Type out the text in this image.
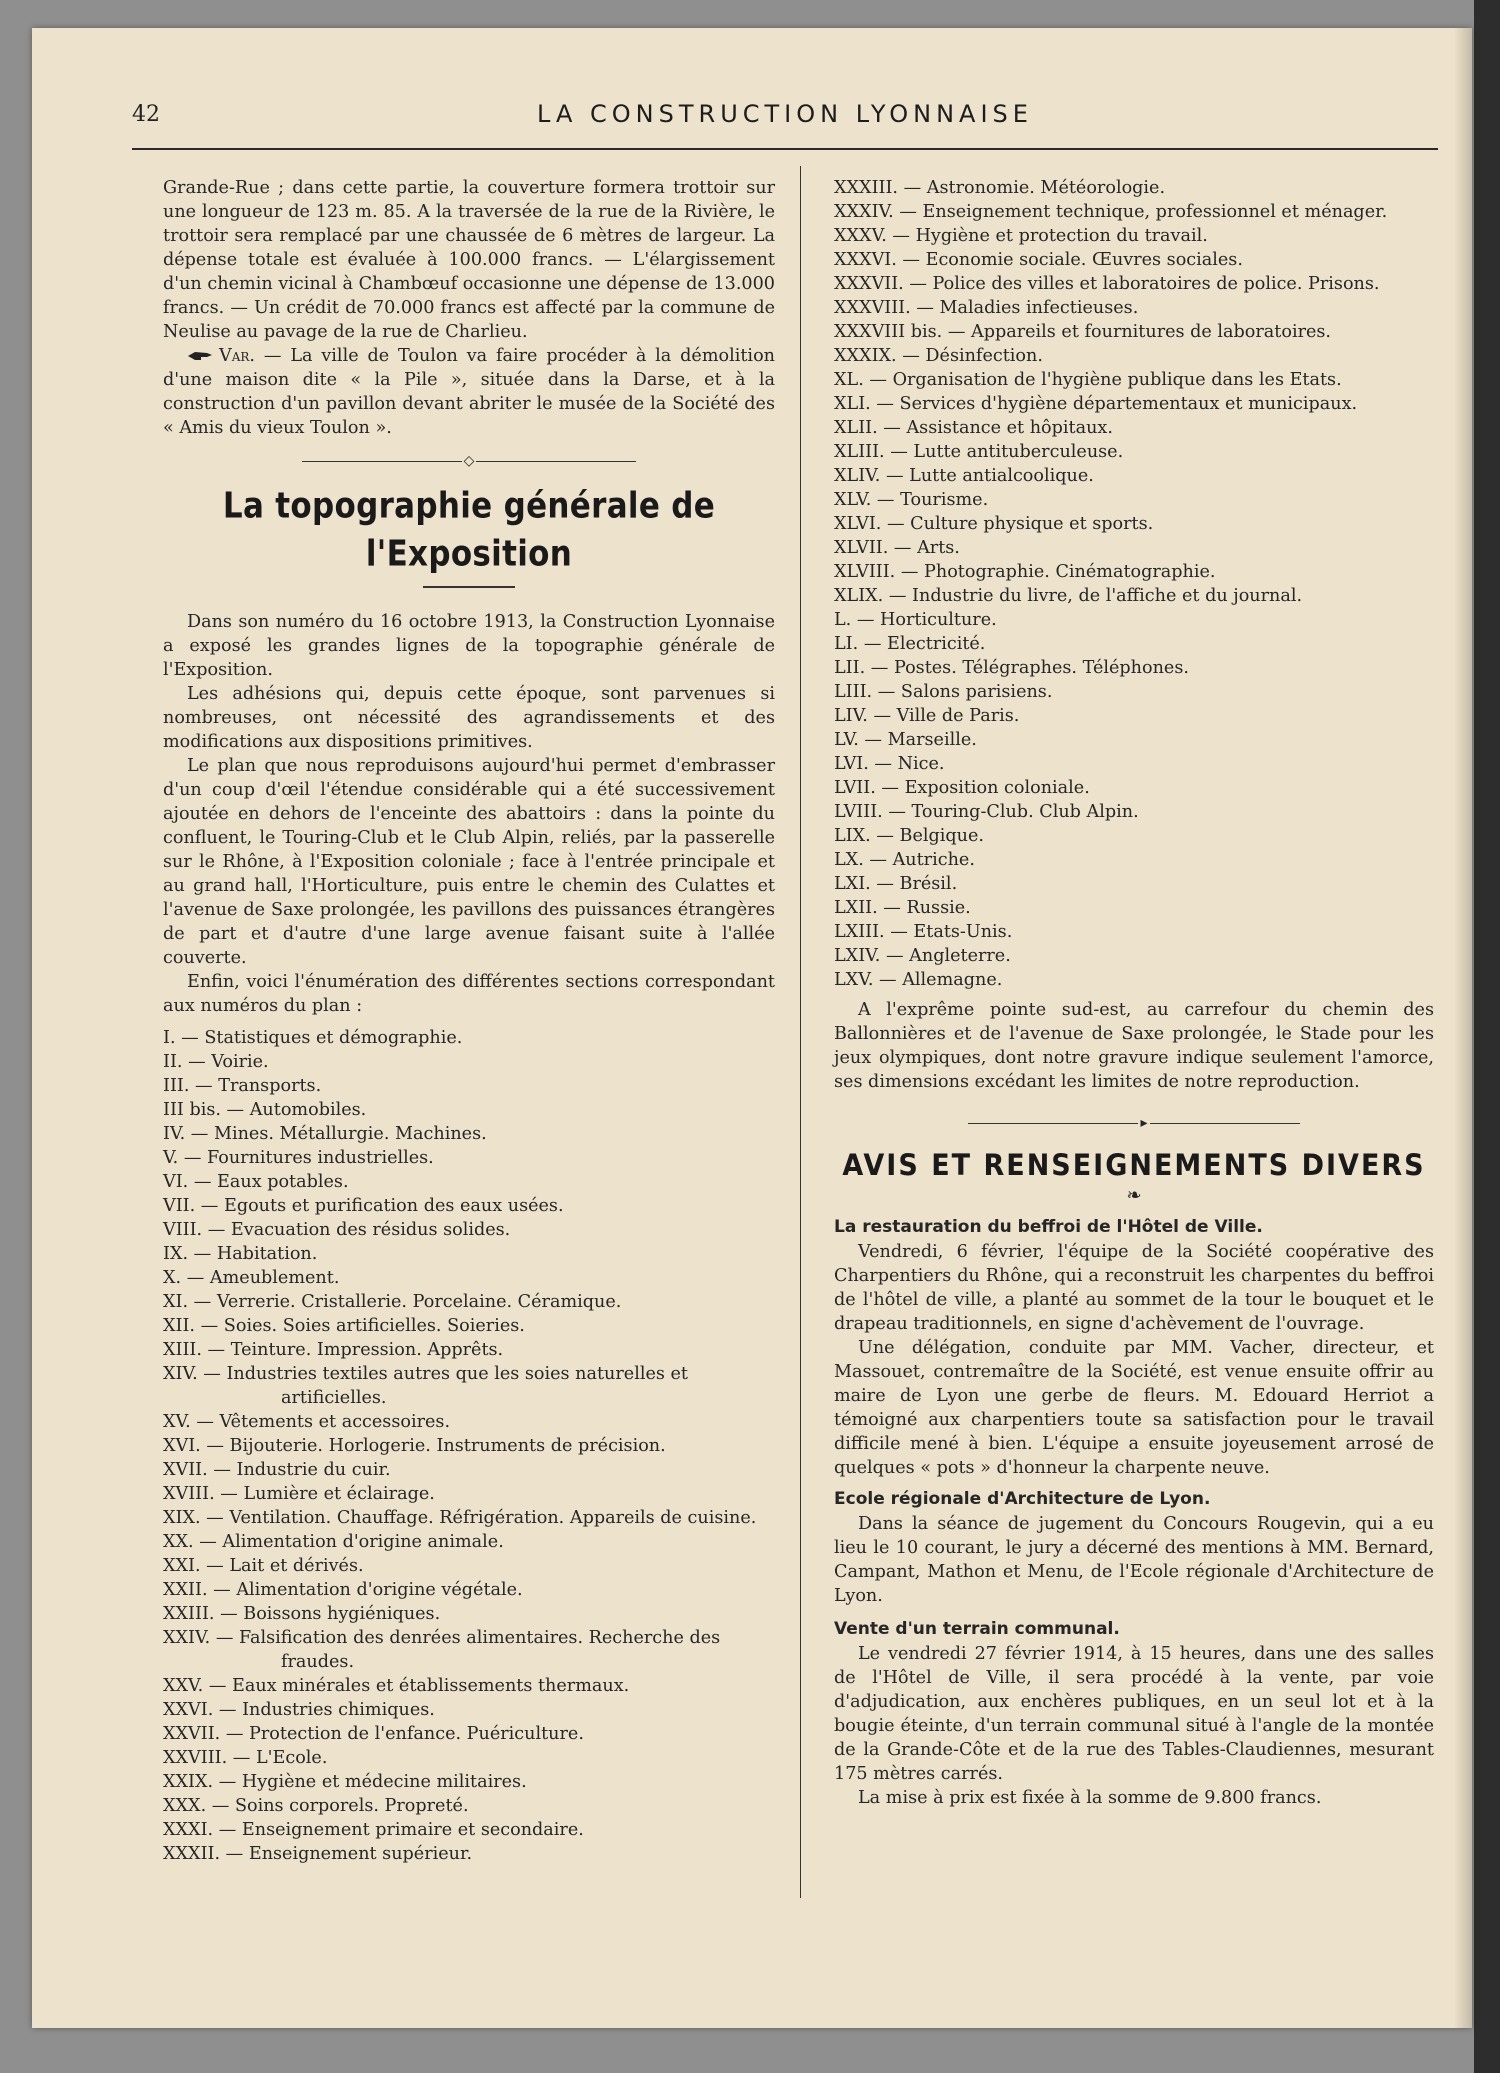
42	LA CONSTRUCTION LYONNAISE

Grande-Rue ; dans cette partie, la couverture formera trottoir sur une longueur de 123 m. 85. A la traversée de la rue de la Rivière, le trottoir sera remplacé par une chaussée de 6 mètres de largeur. La dépense totale est évaluée à 100.000 francs. — L'élargissement d'un chemin vicinal à Chambœuf occasionne une dépense de 13.000 francs. — Un crédit de 70.000 francs est affecté par la commune de Neulise au pavage de la rue de Charlieu.

Var. — La ville de Toulon va faire procéder à la démolition d'une maison dite « la Pile », située dans la Darse, et à la construction d'un pavillon devant abriter le musée de la Société des « Amis du vieux Toulon ».

◇
La topographie générale de l'Exposition

Dans son numéro du 16 octobre 1913, la Construction Lyonnaise a exposé les grandes lignes de la topographie générale de l'Exposition.

Les adhésions qui, depuis cette époque, sont parvenues si nombreuses, ont nécessité des agrandissements et des modifications aux dispositions primitives.

Le plan que nous reproduisons aujourd'hui permet d'embrasser d'un coup d'œil l'étendue considérable qui a été successivement ajoutée en dehors de l'enceinte des abattoirs : dans la pointe du confluent, le Touring-Club et le Club Alpin, reliés, par la passerelle sur le Rhône, à l'Exposition coloniale ; face à l'entrée principale et au grand hall, l'Horticulture, puis entre le chemin des Culattes et l'avenue de Saxe prolongée, les pavillons des puissances étrangères de part et d'autre d'une large avenue faisant suite à l'allée couverte.

Enfin, voici l'énumération des différentes sections correspondant aux numéros du plan :

I. — Statistiques et démographie.
II. — Voirie.
III. — Transports.
III bis. — Automobiles.
IV. — Mines. Métallurgie. Machines.
V. — Fournitures industrielles.
VI. — Eaux potables.
VII. — Egouts et purification des eaux usées.
VIII. — Evacuation des résidus solides.
IX. — Habitation.
X. — Ameublement.
XI. — Verrerie. Cristallerie. Porcelaine. Céramique.
XII. — Soies. Soies artificielles. Soieries.
XIII. — Teinture. Impression. Apprêts.
XIV. — Industries textiles autres que les soies naturelles et artificielles.
XV. — Vêtements et accessoires.
XVI. — Bijouterie. Horlogerie. Instruments de précision.
XVII. — Industrie du cuir.
XVIII. — Lumière et éclairage.
XIX. — Ventilation. Chauffage. Réfrigération. Appareils de cuisine.
XX. — Alimentation d'origine animale.
XXI. — Lait et dérivés.
XXII. — Alimentation d'origine végétale.
XXIII. — Boissons hygiéniques.
XXIV. — Falsification des denrées alimentaires. Recherche des fraudes.
XXV. — Eaux minérales et établissements thermaux.
XXVI. — Industries chimiques.
XXVII. — Protection de l'enfance. Puériculture.
XXVIII. — L'Ecole.
XXIX. — Hygiène et médecine militaires.
XXX. — Soins corporels. Propreté.
XXXI. — Enseignement primaire et secondaire.
XXXII. — Enseignement supérieur.
XXXIII. — Astronomie. Météorologie.
XXXIV. — Enseignement technique, professionnel et ménager.
XXXV. — Hygiène et protection du travail.
XXXVI. — Economie sociale. Œuvres sociales.
XXXVII. — Police des villes et laboratoires de police. Prisons.
XXXVIII. — Maladies infectieuses.
XXXVIII bis. — Appareils et fournitures de laboratoires.
XXXIX. — Désinfection.
XL. — Organisation de l'hygiène publique dans les Etats.
XLI. — Services d'hygiène départementaux et municipaux.
XLII. — Assistance et hôpitaux.
XLIII. — Lutte antituberculeuse.
XLIV. — Lutte antialcoolique.
XLV. — Tourisme.
XLVI. — Culture physique et sports.
XLVII. — Arts.
XLVIII. — Photographie. Cinématographie.
XLIX. — Industrie du livre, de l'affiche et du journal.
L. — Horticulture.
LI. — Electricité.
LII. — Postes. Télégraphes. Téléphones.
LIII. — Salons parisiens.
LIV. — Ville de Paris.
LV. — Marseille.
LVI. — Nice.
LVII. — Exposition coloniale.
LVIII. — Touring-Club. Club Alpin.
LIX. — Belgique.
LX. — Autriche.
LXI. — Brésil.
LXII. — Russie.
LXIII. — Etats-Unis.
LXIV. — Angleterre.
LXV. — Allemagne.

A l'exprême pointe sud-est, au carrefour du chemin des Ballonnières et de l'avenue de Saxe prolongée, le Stade pour les jeux olympiques, dont notre gravure indique seulement l'amorce, ses dimensions excédant les limites de notre reproduction.

▸
AVIS ET RENSEIGNEMENTS DIVERS
❧
La restauration du beffroi de l'Hôtel de Ville.

Vendredi, 6 février, l'équipe de la Société coopérative des Charpentiers du Rhône, qui a reconstruit les charpentes du beffroi de l'hôtel de ville, a planté au sommet de la tour le bouquet et le drapeau traditionnels, en signe d'achèvement de l'ouvrage.

Une délégation, conduite par MM. Vacher, directeur, et Massouet, contremaître de la Société, est venue ensuite offrir au maire de Lyon une gerbe de fleurs. M. Edouard Herriot a témoigné aux charpentiers toute sa satisfaction pour le travail difficile mené à bien. L'équipe a ensuite joyeusement arrosé de quelques « pots » d'honneur la charpente neuve.

Ecole régionale d'Architecture de Lyon.

Dans la séance de jugement du Concours Rougevin, qui a eu lieu le 10 courant, le jury a décerné des mentions à MM. Bernard, Campant, Mathon et Menu, de l'Ecole régionale d'Architecture de Lyon.

Vente d'un terrain communal.

Le vendredi 27 février 1914, à 15 heures, dans une des salles de l'Hôtel de Ville, il sera procédé à la vente, par voie d'adjudication, aux enchères publiques, en un seul lot et à la bougie éteinte, d'un terrain communal situé à l'angle de la montée de la Grande-Côte et de la rue des Tables-Claudiennes, mesurant 175 mètres carrés.

La mise à prix est fixée à la somme de 9.800 francs.
